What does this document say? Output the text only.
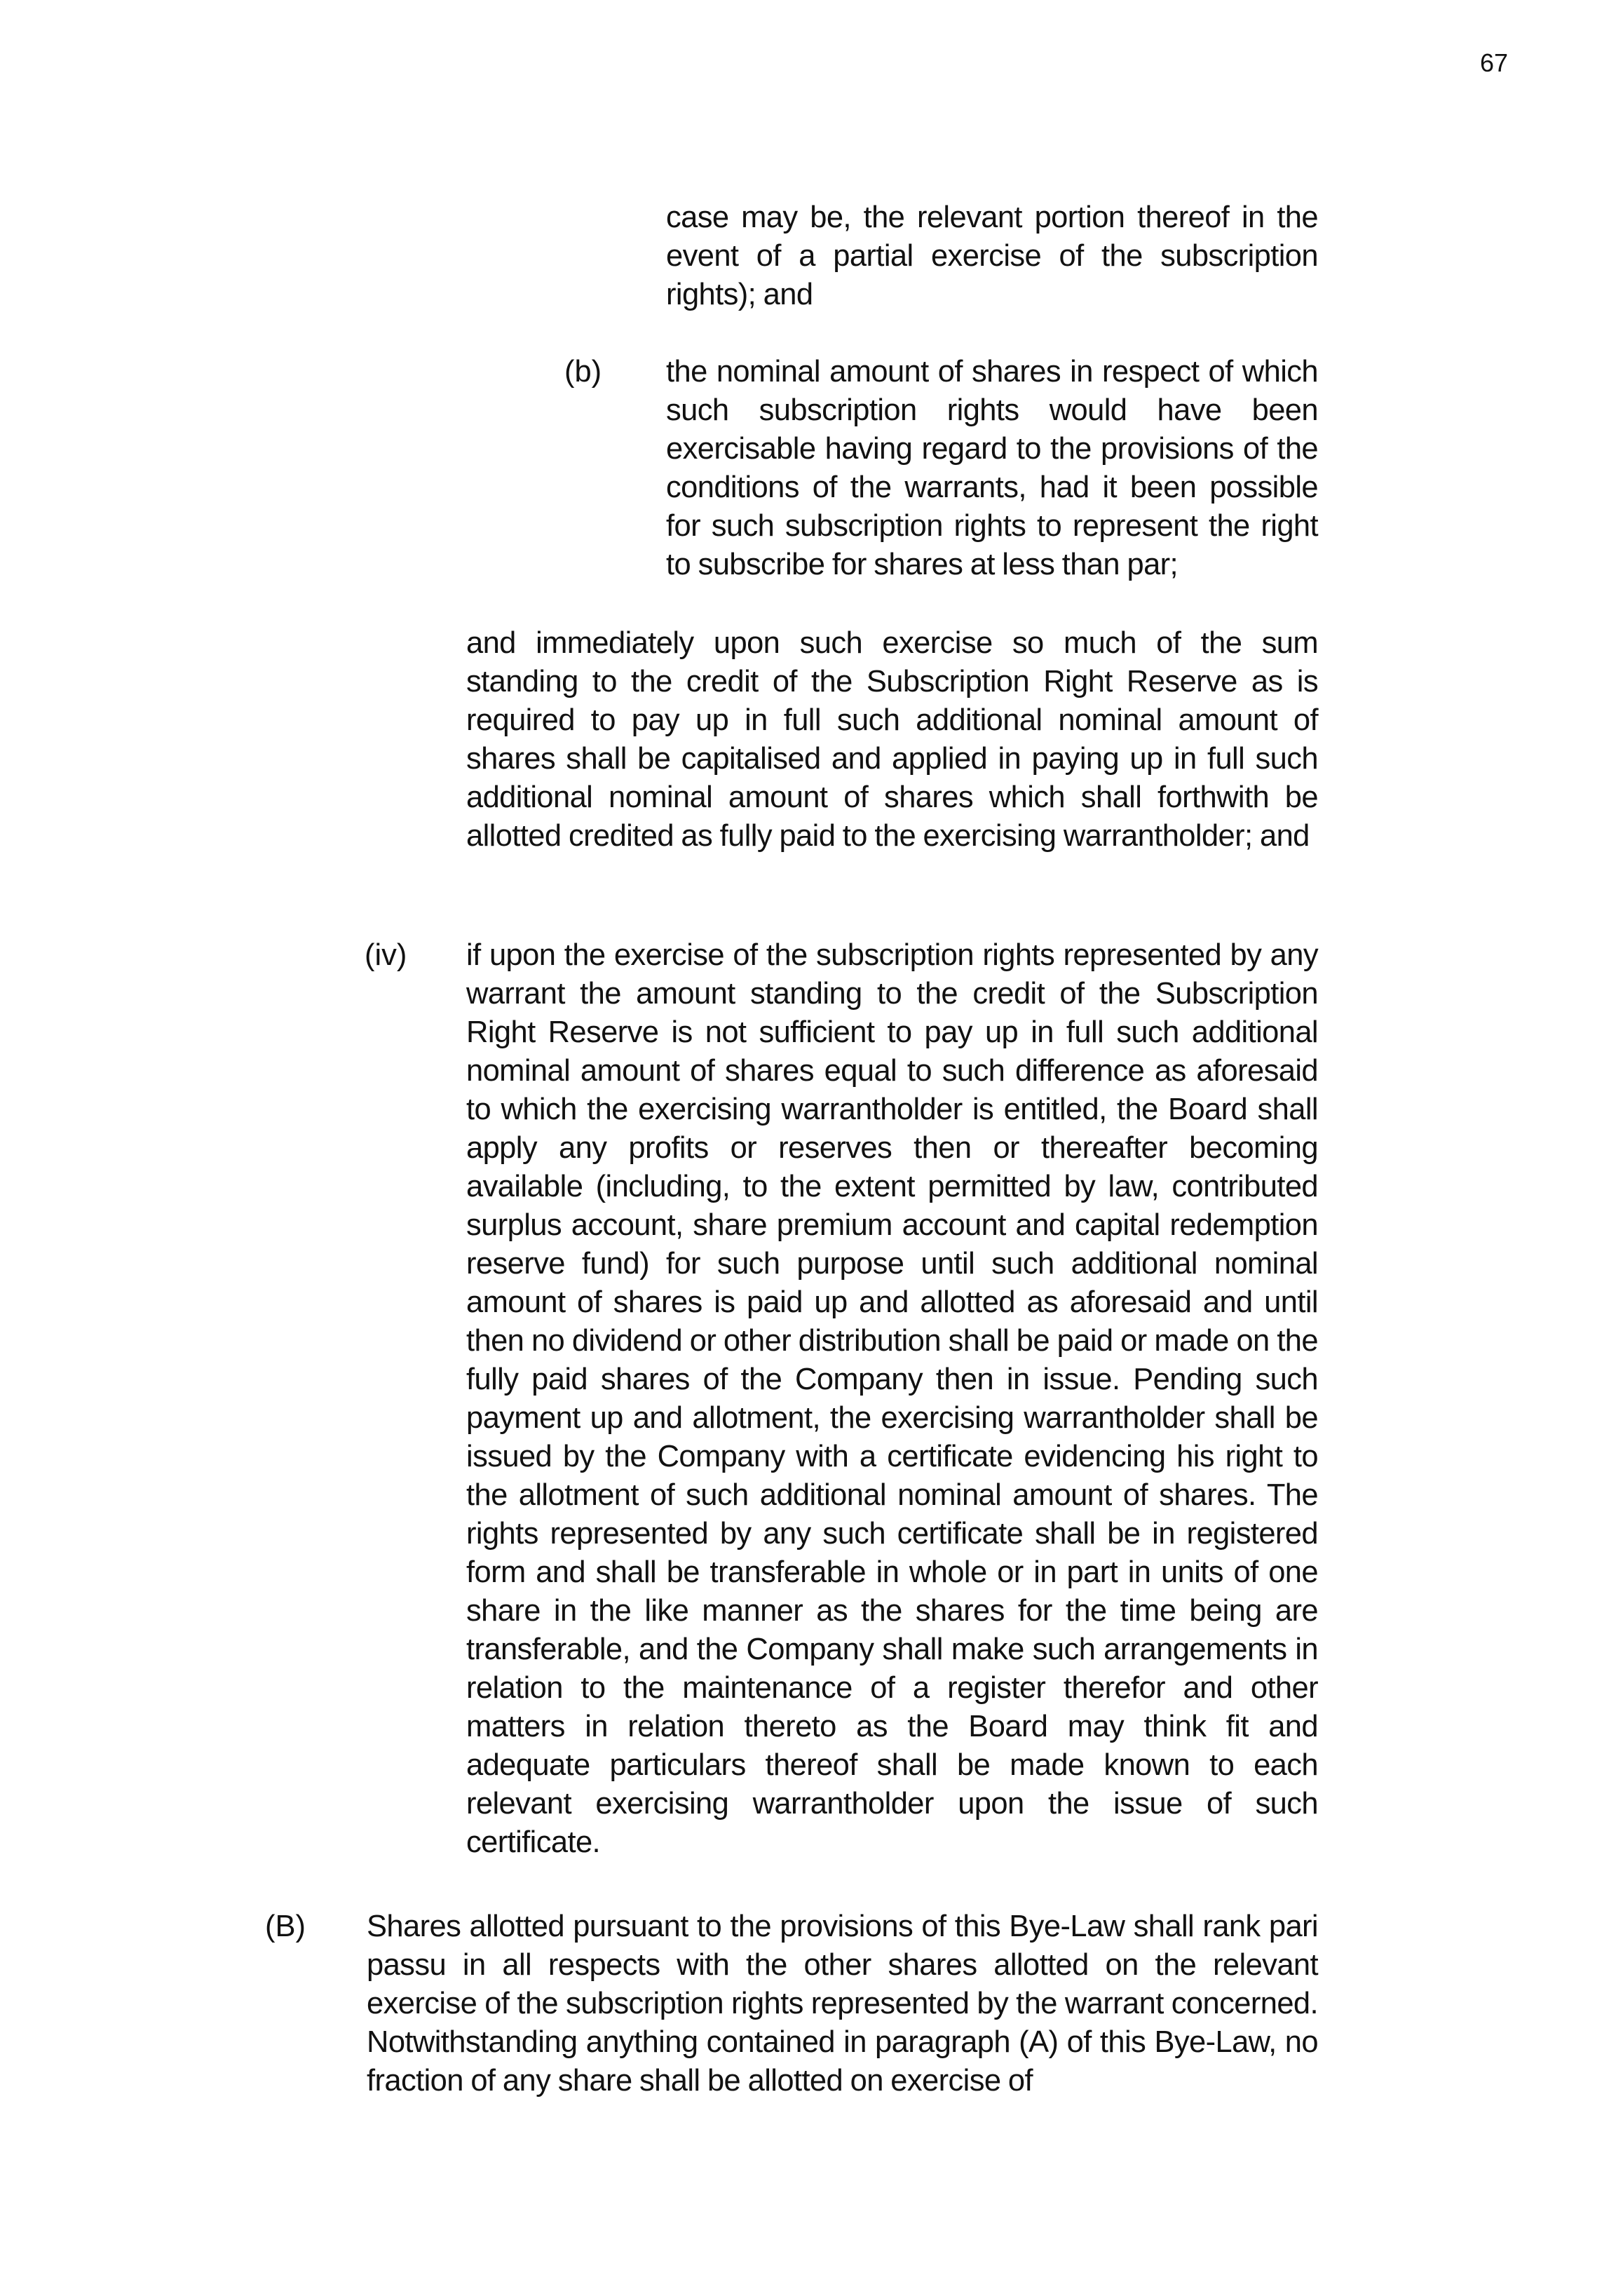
67
case may be, the relevant portion thereof in the event of a partial exercise of the subscription rights); and
(b) the nominal amount of shares in respect of which such subscription rights would have been exercisable having regard to the provisions of the conditions of the warrants, had it been possible for such subscription rights to represent the right to subscribe for shares at less than par;
and immediately upon such exercise so much of the sum standing to the credit of the Subscription Right Reserve as is required to pay up in full such additional nominal amount of shares shall be capitalised and applied in paying up in full such additional nominal amount of shares which shall forthwith be allotted credited as fully paid to the exercising warrantholder; and
(iv) if upon the exercise of the subscription rights represented by any warrant the amount standing to the credit of the Subscription Right Reserve is not sufficient to pay up in full such additional nominal amount of shares equal to such difference as aforesaid to which the exercising warrantholder is entitled, the Board shall apply any profits or reserves then or thereafter becoming available (including, to the extent permitted by law, contributed surplus account, share premium account and capital redemption reserve fund) for such purpose until such additional nominal amount of shares is paid up and allotted as aforesaid and until then no dividend or other distribution shall be paid or made on the fully paid shares of the Company then in issue. Pending such payment up and allotment, the exercising warrantholder shall be issued by the Company with a certificate evidencing his right to the allotment of such additional nominal amount of shares. The rights represented by any such certificate shall be in registered form and shall be transferable in whole or in part in units of one share in the like manner as the shares for the time being are transferable, and the Company shall make such arrangements in relation to the maintenance of a register therefor and other matters in relation thereto as the Board may think fit and adequate particulars thereof shall be made known to each relevant exercising warrantholder upon the issue of such certificate.
(B) Shares allotted pursuant to the provisions of this Bye-Law shall rank pari passu in all respects with the other shares allotted on the relevant exercise of the subscription rights represented by the warrant concerned. Notwithstanding anything contained in paragraph (A) of this Bye-Law, no fraction of any share shall be allotted on exercise of
